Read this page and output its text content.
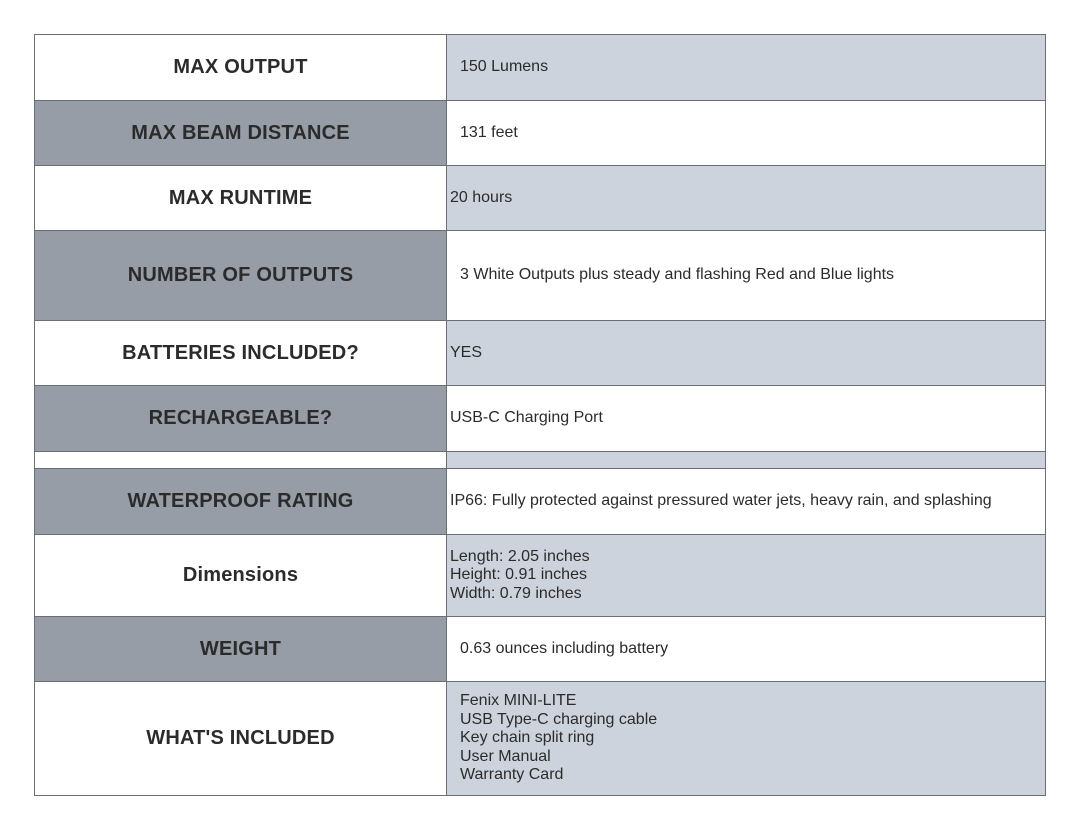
MAX OUTPUT	150 Lumens
MAX BEAM DISTANCE	131 feet
MAX RUNTIME	20 hours
NUMBER OF OUTPUTS	3 White Outputs plus steady and flashing Red and Blue lights
BATTERIES INCLUDED?	YES
RECHARGEABLE?	USB-C Charging Port

WATERPROOF RATING	IP66: Fully protected against pressured water jets, heavy rain, and splashing
Dimensions	Length: 2.05 inches
Height: 0.91 inches
Width: 0.79 inches

WEIGHT	0.63 ounces including battery
WHAT'S INCLUDED	Fenix MINI-LITE
USB Type-C charging cable
Key chain split ring
User Manual
Warranty Card
